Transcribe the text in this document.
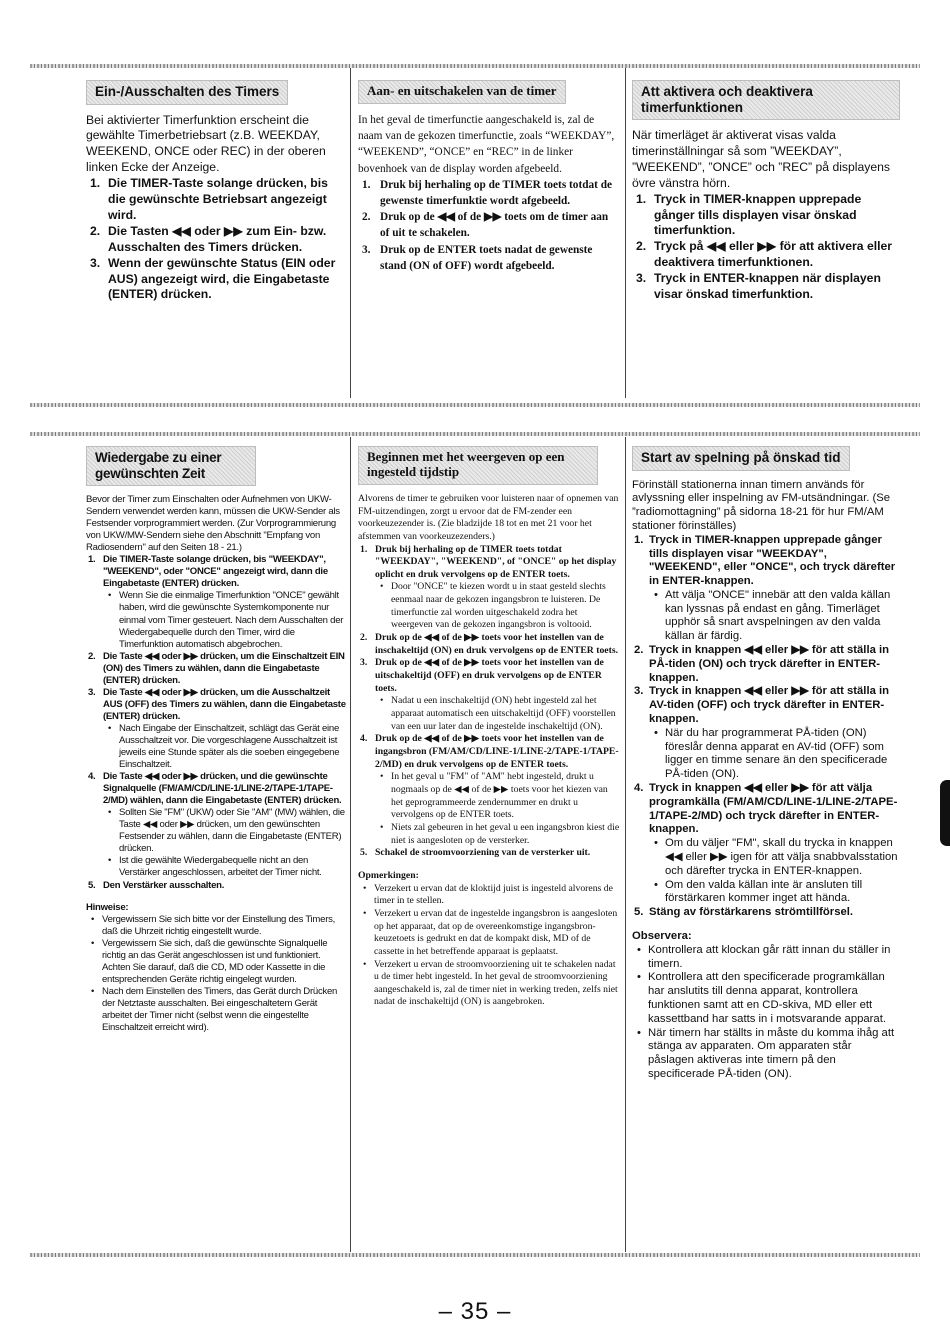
Ein-/Ausschalten des Timers

Bei aktivierter Timerfunktion erscheint die gewählte Timerbetriebsart (z.B. WEEKDAY, WEEKEND, ONCE oder REC) in der oberen linken Ecke der Anzeige.

1. Die TIMER-Taste solange drücken, bis die gewünschte Betriebsart angezeigt wird.
2. Die Tasten ◀◀ oder ▶▶ zum Ein- bzw. Ausschalten des Timers drücken.
3. Wenn der gewünschte Status (EIN oder AUS) angezeigt wird, die Eingabetaste (ENTER) drücken.
Aan- en uitschakelen van de timer

In het geval de timerfunctie aangeschakeld is, zal de naam van de gekozen timerfunctie, zoals “WEEKDAY”, “WEEKEND”, “ONCE” en “REC” in de linker bovenhoek van de display worden afgebeeld.

1. Druk bij herhaling op de TIMER toets totdat de gewenste timerfunktie wordt afgebeeld.
2. Druk op de ◀◀ of de ▶▶ toets om de timer aan of uit te schakelen.
3. Druk op de ENTER toets nadat de gewenste stand (ON of OFF) wordt afgebeeld.
Att aktivera och deaktivera timerfunktionen

När timerläget är aktiverat visas valda timerinställningar så som ”WEEKDAY”, ”WEEKEND”, ”ONCE” och ”REC” på displayens övre vänstra hörn.

1. Tryck in TIMER-knappen upprepade gånger tills displayen visar önskad timerfunktion.
2. Tryck på ◀◀ eller ▶▶ för att aktivera eller deaktivera timerfunktionen.
3. Tryck in ENTER-knappen när displayen visar önskad timerfunktion.
Wiedergabe zu einer gewünschten Zeit

Bevor der Timer zum Einschalten oder Aufnehmen von UKW-Sendern verwendet werden kann, müssen die UKW-Sender als Festsender vorprogrammiert werden. (Zur Vorprogrammierung von UKW/MW-Sendern siehe den Abschnitt "Empfang von Radiosendern" auf den Seiten 18 - 21.)

1. Die TIMER-Taste solange drücken, bis "WEEKDAY", "WEEKEND", oder "ONCE" angezeigt wird, dann die Eingabetaste (ENTER) drücken.
• Wenn Sie die einmalige Timerfunktion "ONCE" gewählt haben, wird die gewünschte Systemkomponente nur einmal vom Timer gesteuert. Nach dem Ausschalten der Wiedergabequelle durch den Timer, wird die Timerfunktion automatisch abgebrochen.
2. Die Taste ◀◀ oder ▶▶ drücken, um die Einschaltzeit EIN (ON) des Timers zu wählen, dann die Eingabetaste (ENTER) drücken.
3. Die Taste ◀◀ oder ▶▶ drücken, um die Ausschaltzeit AUS (OFF) des Timers zu wählen, dann die Eingabetaste (ENTER) drücken.
• Nach Eingabe der Einschaltzeit, schlägt das Gerät eine Ausschaltzeit vor. Die vorgeschlagene Ausschaltzeit ist jeweils eine Stunde später als die soeben eingegebene Einschaltzeit.
4. Die Taste ◀◀ oder ▶▶ drücken, und die gewünschte Signalquelle (FM/AM/CD/LINE-1/LINE-2/TAPE-1/TAPE-2/MD) wählen, dann die Eingabetaste (ENTER) drücken.
• Sollten Sie "FM" (UKW) oder Sie "AM" (MW) wählen, die Taste ◀◀ oder ▶▶ drücken, um den gewünschten Festsender zu wählen, dann die Eingabetaste (ENTER) drücken.
• Ist die gewählte Wiedergabequelle nicht an den Verstärker angeschlossen, arbeitet der Timer nicht.
5. Den Verstärker ausschalten.
Hinweise:
• Vergewissern Sie sich bitte vor der Einstellung des Timers, daß die Uhrzeit richtig eingestellt wurde.
• Vergewissern Sie sich, daß die gewünschte Signalquelle richtig an das Gerät angeschlossen ist und funktioniert. Achten Sie darauf, daß die CD, MD oder Kassette in die entsprechenden Geräte richtig eingelegt wurden.
• Nach dem Einstellen des Timers, das Gerät durch Drücken der Netztaste ausschalten. Bei eingeschaltetem Gerät arbeitet der Timer nicht (selbst wenn die eingestellte Einschaltzeit erreicht wird).
Beginnen met het weergeven op een ingesteld tijdstip

Alvorens de timer te gebruiken voor luisteren naar of opnemen van FM-uitzendingen, zorgt u ervoor dat de FM-zender een voorkeuzezender is. (Zie bladzijde 18 tot en met 21 voor het afstemmen van voorkeuzezenders.)

1. Druk bij herhaling op de TIMER toets totdat "WEEKDAY", "WEEKEND", of "ONCE" op het display oplicht en druk vervolgens op de ENTER toets.
• Door "ONCE" te kiezen wordt u in staat gesteld slechts eenmaal naar de gekozen ingangsbron te luisteren. De timerfunctie zal worden uitgeschakeld zodra het weergeven van de gekozen ingangsbron is voltooid.
2. Druk op de ◀◀ of de ▶▶ toets voor het instellen van de inschakeltijd (ON) en druk vervolgens op de ENTER toets.
3. Druk op de ◀◀ of de ▶▶ toets voor het instellen van de uitschakeltijd (OFF) en druk vervolgens op de ENTER toets.
• Nadat u een inschakeltijd (ON) hebt ingesteld zal het apparaat automatisch een uitschakeltijd (OFF) voorstellen van een uur later dan de ingestelde inschakeltijd (ON).
4. Druk op de ◀◀ of de ▶▶ toets voor het instellen van de ingangsbron (FM/AM/CD/LINE-1/LINE-2/TAPE-1/TAPE-2/MD) en druk vervolgens op de ENTER toets.
• In het geval u "FM" of "AM" hebt ingesteld, drukt u nogmaals op de ◀◀ of de ▶▶ toets voor het kiezen van het geprogrammeerde zendernummer en drukt u vervolgens op de ENTER toets.
• Niets zal gebeuren in het geval u een ingangsbron kiest die niet is aangesloten op de versterker.
5. Schakel de stroomvoorziening van de versterker uit.
Opmerkingen:
• Verzekert u ervan dat de kloktijd juist is ingesteld alvorens de timer in te stellen.
• Verzekert u ervan dat de ingestelde ingangsbron is aangesloten op het apparaat, dat op de overeenkomstige ingangsbron-keuzetoets is gedrukt en dat de kompakt disk, MD of de cassette in het betreffende apparaat is geplaatst.
• Verzekert u ervan de stroomvoorziening uit te schakelen nadat u de timer hebt ingesteld. In het geval de stroomvoorziening aangeschakeld is, zal de timer niet in werking treden, zelfs niet nadat de inschakeltijd (ON) is aangebroken.
Start av spelning på önskad tid

Förinställ stationerna innan timern används för avlyssning eller inspelning av FM-utsändningar. (Se ”radiomottagning” på sidorna 18-21 för hur FM/AM stationer förinställes)

1. Tryck in TIMER-knappen upprepade gånger tills displayen visar "WEEKDAY", "WEEKEND", eller "ONCE", och tryck därefter in ENTER-knappen.
• Att välja "ONCE" innebär att den valda källan kan lyssnas på endast en gång. Timerläget upphör så snart avspelningen av den valda källan är färdig.
2. Tryck in knappen ◀◀ eller ▶▶ för att ställa in PÅ-tiden (ON) och tryck därefter in ENTER-knappen.
3. Tryck in knappen ◀◀ eller ▶▶ för att ställa in AV-tiden (OFF) och tryck därefter in ENTER-knappen.
• När du har programmerat PÅ-tiden (ON) föreslår denna apparat en AV-tid (OFF) som ligger en timme senare än den specificerade PÅ-tiden (ON).
4. Tryck in knappen ◀◀ eller ▶▶ för att välja programkälla (FM/AM/CD/LINE-1/LINE-2/TAPE-1/TAPE-2/MD) och tryck därefter in ENTER-knappen.
• Om du väljer "FM", skall du trycka in knappen ◀◀ eller ▶▶ igen för att välja snabbvalsstation och därefter trycka in ENTER-knappen.
• Om den valda källan inte är ansluten till förstärkaren kommer inget att hända.
5. Stäng av förstärkarens strömtillförsel.
Observera:
• Kontrollera att klockan går rätt innan du ställer in timern.
• Kontrollera att den specificerade programkällan har anslutits till denna apparat, kontrollera funktionen samt att en CD-skiva, MD eller ett kassettband har satts in i motsvarande apparat.
• När timern har ställts in måste du komma ihåg att stänga av apparaten. Om apparaten står påslagen aktiveras inte timern på den specificerade PÅ-tiden (ON).
– 35 –
